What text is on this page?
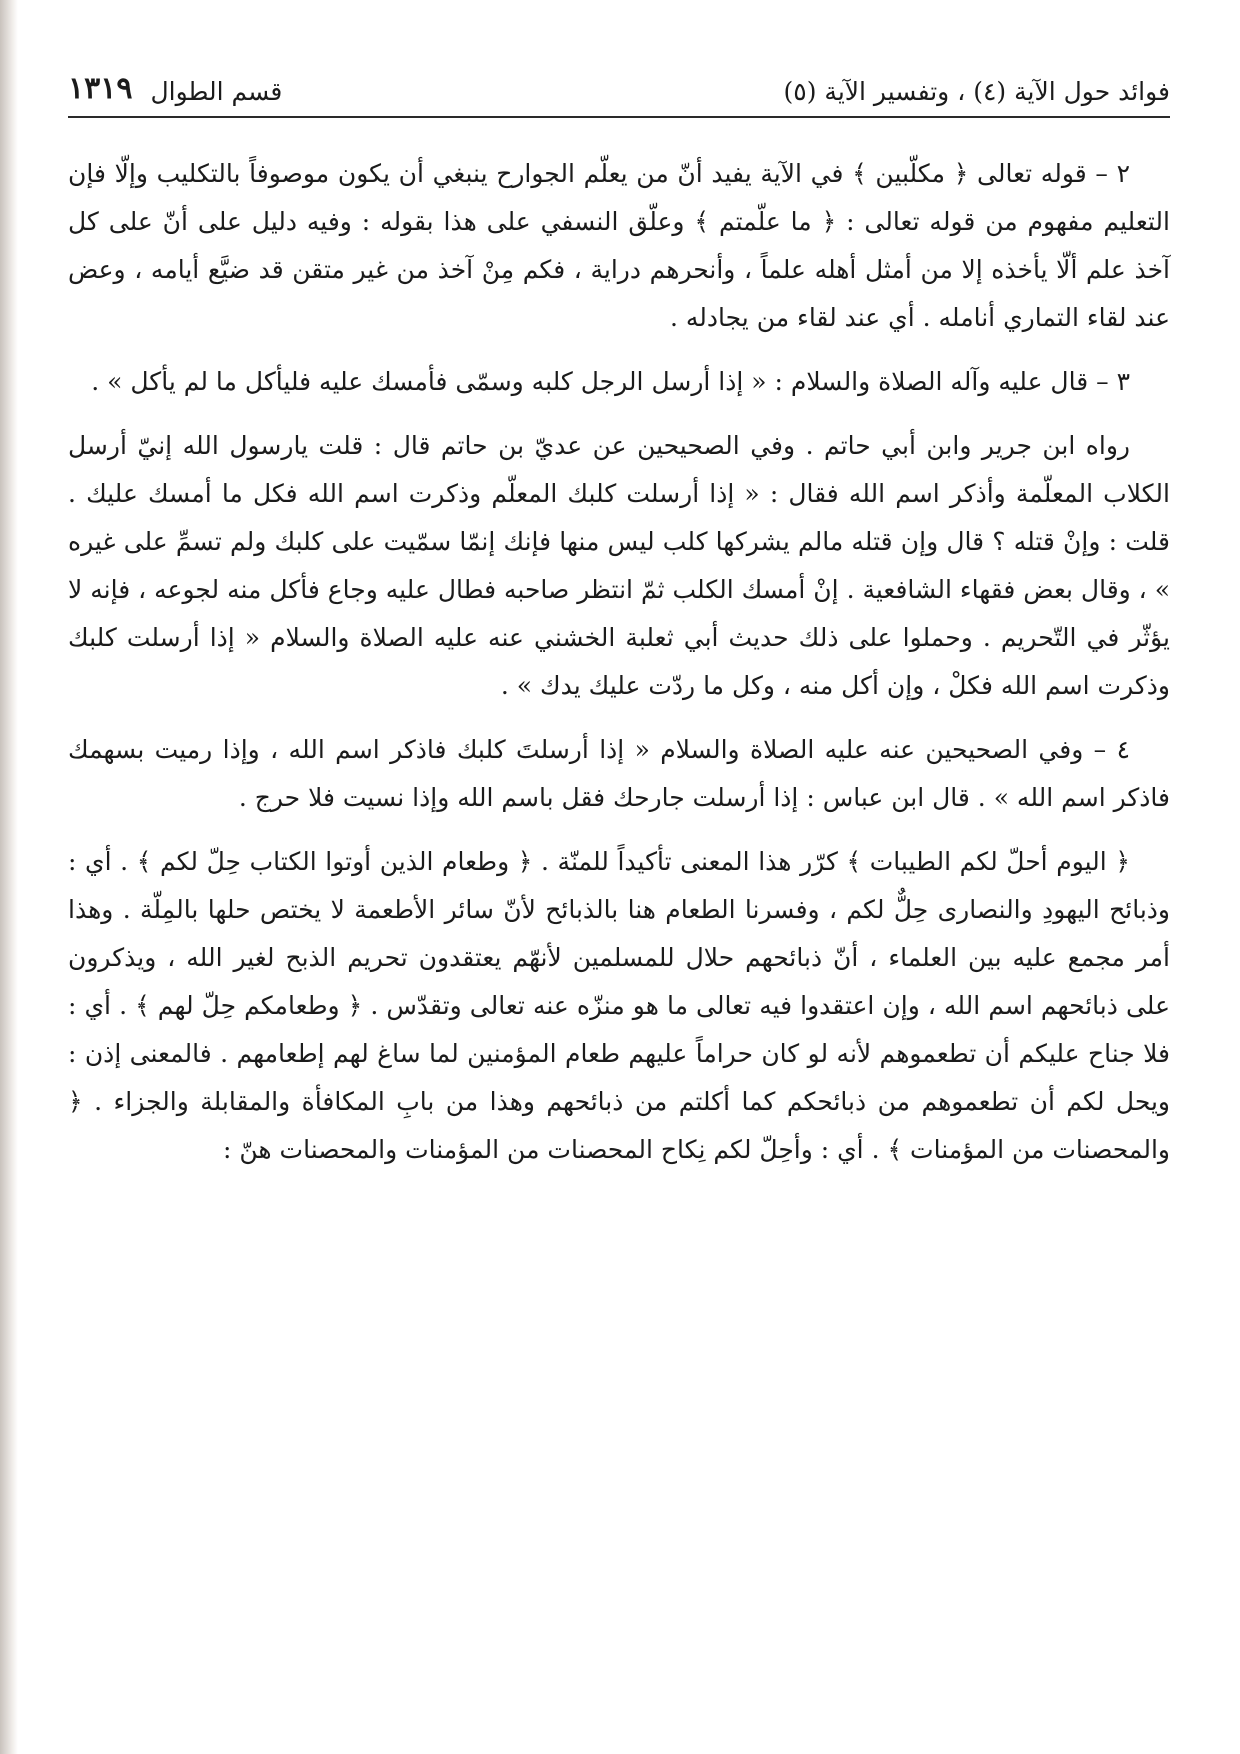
فوائد حول الآية (٤) ، وتفسير الآية (٥)
قسم الطوال
١٣١٩

٢ – قوله تعالى ﴿ مكلّبين ﴾ في الآية يفيد أنّ من يعلّم الجوارح ينبغي أن يكون موصوفاً بالتكليب وإلّا فإن التعليم مفهوم من قوله تعالى : ﴿ ما علّمتم ﴾ وعلّق النسفي على هذا بقوله : وفيه دليل على أنّ على كل آخذ علم ألّا يأخذه إلا من أمثل أهله علماً ، وأنحرهم دراية ، فكم مِنْ آخذ من غير متقن قد ضيَّع أيامه ، وعض عند لقاء التماري أنامله . أي عند لقاء من يجادله .

٣ – قال عليه وآله الصلاة والسلام : « إذا أرسل الرجل كلبه وسمّى فأمسك عليه فليأكل ما لم يأكل » .

رواه ابن جرير وابن أبي حاتم . وفي الصحيحين عن عديّ بن حاتم قال : قلت يارسول الله إنيّ أرسل الكلاب المعلّمة وأذكر اسم الله فقال : « إذا أرسلت كلبك المعلّم وذكرت اسم الله فكل ما أمسك عليك . قلت : وإنْ قتله ؟ قال وإن قتله مالم يشركها كلب ليس منها فإنك إنمّا سمّيت على كلبك ولم تسمِّ على غيره » ، وقال بعض فقهاء الشافعية . إنْ أمسك الكلب ثمّ انتظر صاحبه فطال عليه وجاع فأكل منه لجوعه ، فإنه لا يؤثّر في التّحريم . وحملوا على ذلك حديث أبي ثعلبة الخشني عنه عليه الصلاة والسلام « إذا أرسلت كلبك وذكرت اسم الله فكلْ ، وإن أكل منه ، وكل ما ردّت عليك يدك » .

٤ – وفي الصحيحين عنه عليه الصلاة والسلام « إذا أرسلتَ كلبك فاذكر اسم الله ، وإذا رميت بسهمك فاذكر اسم الله » . قال ابن عباس : إذا أرسلت جارحك فقل باسم الله وإذا نسيت فلا حرج .

﴿ اليوم أحلّ لكم الطيبات ﴾ كرّر هذا المعنى تأكيداً للمنّة . ﴿ وطعام الذين أوتوا الكتاب حِلّ لكم ﴾ . أي : وذبائح اليهودِ والنصارى حِلٌّ لكم ، وفسرنا الطعام هنا بالذبائح لأنّ سائر الأطعمة لا يختص حلها بالمِلّة . وهذا أمر مجمع عليه بين العلماء ، أنّ ذبائحهم حلال للمسلمين لأنهّم يعتقدون تحريم الذبح لغير الله ، ويذكرون على ذبائحهم اسم الله ، وإن اعتقدوا فيه تعالى ما هو منزّه عنه تعالى وتقدّس . ﴿ وطعامكم حِلّ لهم ﴾ . أي : فلا جناح عليكم أن تطعموهم لأنه لو كان حراماً عليهم طعام المؤمنين لما ساغ لهم إطعامهم . فالمعنى إذن : ويحل لكم أن تطعموهم من ذبائحكم كما أكلتم من ذبائحهم وهذا من بابِ المكافأة والمقابلة والجزاء . ﴿ والمحصنات من المؤمنات ﴾ . أي : وأحِلّ لكم نِكاح المحصنات من المؤمنات والمحصنات هنّ :
